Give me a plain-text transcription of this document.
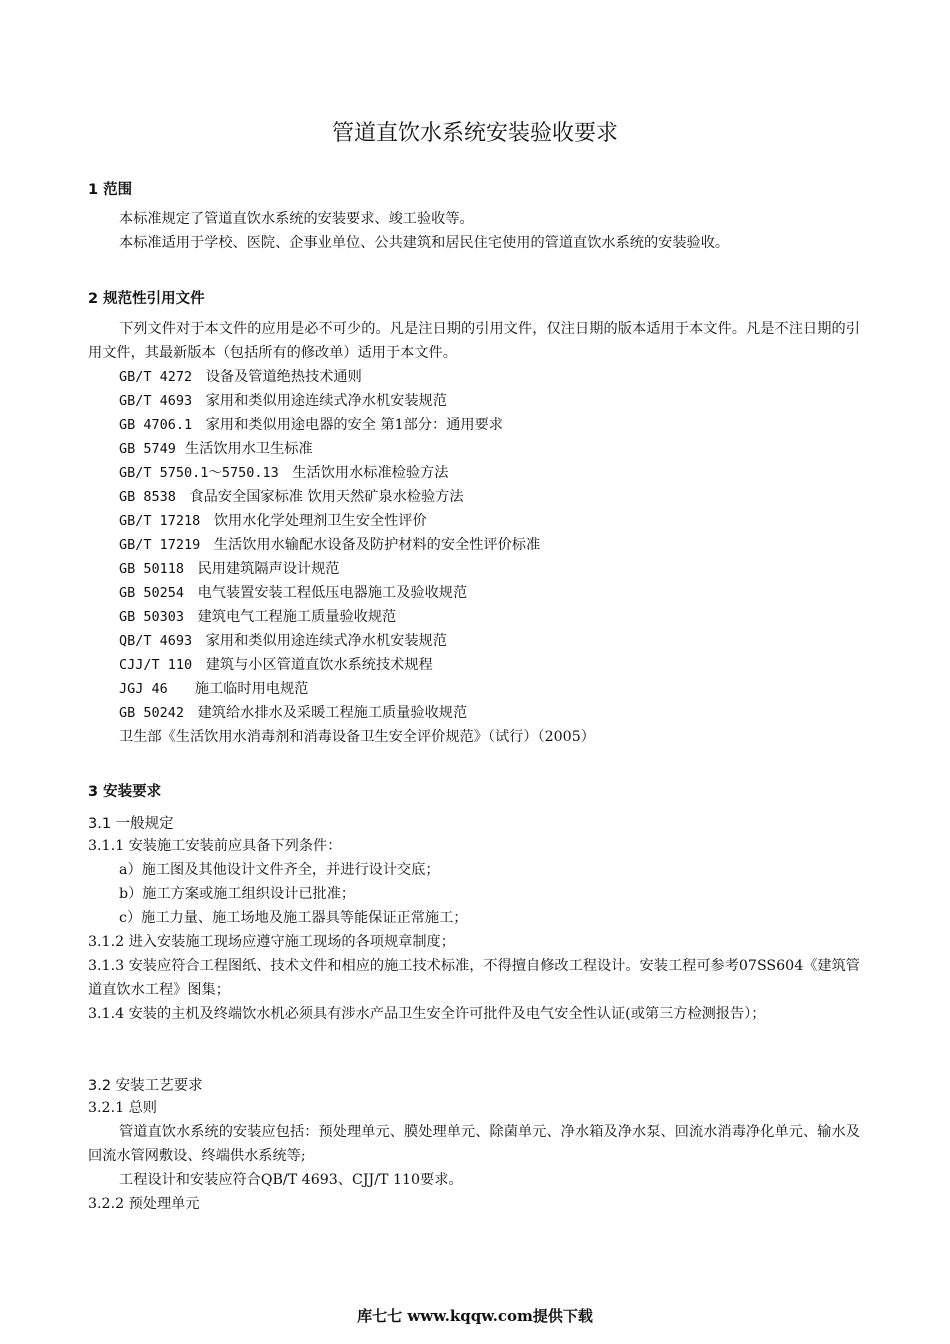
管道直饮水系统安装验收要求
1 范围
本标准规定了管道直饮水系统的安装要求、竣工验收等。
本标准适用于学校、医院、企事业单位、公共建筑和居民住宅使用的管道直饮水系统的安装验收。
2 规范性引用文件
下列文件对于本文件的应用是必不可少的。凡是注日期的引用文件，仅注日期的版本适用于本文件。凡是不注日期的引用文件，其最新版本（包括所有的修改单）适用于本文件。
GB/T 4272 设备及管道绝热技术通则
GB/T 4693 家用和类似用途连续式净水机安装规范
GB 4706.1 家用和类似用途电器的安全 第1部分：通用要求
GB 5749 生活饮用水卫生标准
GB/T 5750.1～5750.13 生活饮用水标准检验方法
GB 8538 食品安全国家标准 饮用天然矿泉水检验方法
GB/T 17218 饮用水化学处理剂卫生安全性评价
GB/T 17219 生活饮用水输配水设备及防护材料的安全性评价标准
GB 50118 民用建筑隔声设计规范
GB 50254 电气装置安装工程低压电器施工及验收规范
GB 50303 建筑电气工程施工质量验收规范
QB/T 4693 家用和类似用途连续式净水机安装规范
CJJ/T 110 建筑与小区管道直饮水系统技术规程
JGJ 46 施工临时用电规范
GB 50242 建筑给水排水及采暖工程施工质量验收规范
卫生部《生活饮用水消毒剂和消毒设备卫生安全评价规范》（试行）（2005）
3 安装要求
3.1 一般规定
3.1.1 安装施工安装前应具备下列条件：
a）施工图及其他设计文件齐全，并进行设计交底；
b）施工方案或施工组织设计已批准；
c）施工力量、施工场地及施工器具等能保证正常施工；
3.1.2 进入安装施工现场应遵守施工现场的各项规章制度；
3.1.3 安装应符合工程图纸、技术文件和相应的施工技术标准，不得擅自修改工程设计。安装工程可参考07SS604《建筑管道直饮水工程》图集；
3.1.4 安装的主机及终端饮水机必须具有涉水产品卫生安全许可批件及电气安全性认证(或第三方检测报告）；
3.2 安装工艺要求
3.2.1 总则
管道直饮水系统的安装应包括：预处理单元、膜处理单元、除菌单元、净水箱及净水泵、回流水消毒净化单元、输水及回流水管网敷设、终端供水系统等;
工程设计和安装应符合QB/T 4693、CJJ/T 110要求。
3.2.2 预处理单元
库七七 www.kqqw.com提供下载
